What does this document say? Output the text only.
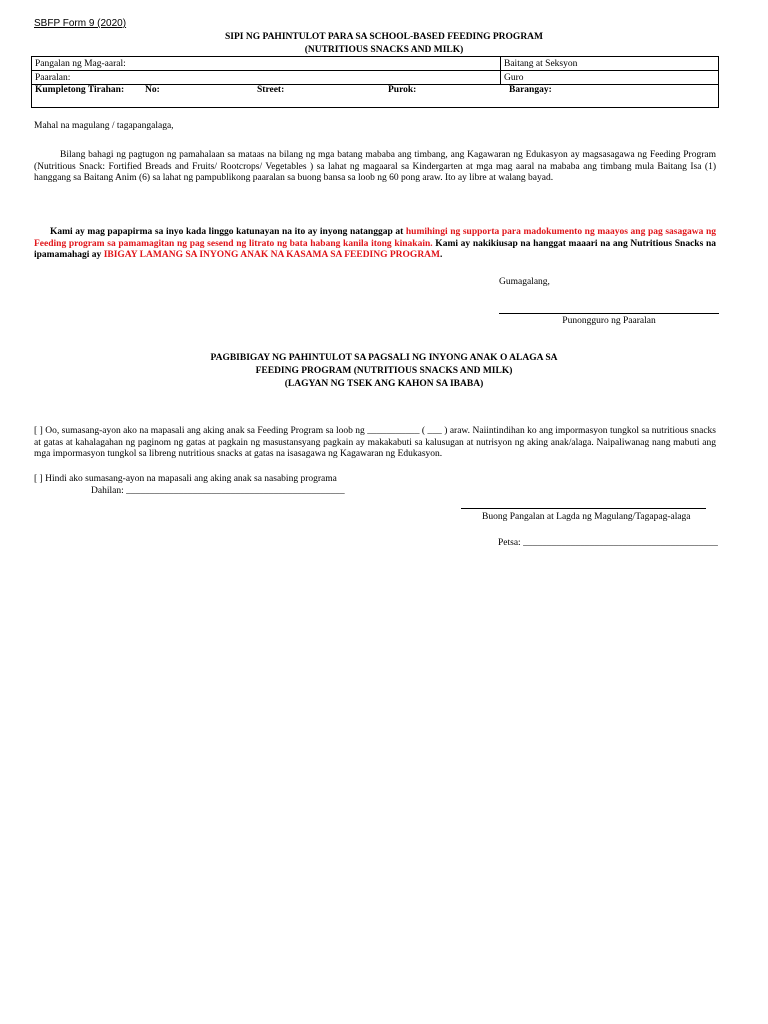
SBFP Form 9 (2020)
SIPI NG PAHINTULOT PARA SA SCHOOL-BASED FEEDING PROGRAM
(NUTRITIOUS SNACKS AND MILK)
Pangalan ng Mag-aaral:	Baitang at Seksyon
Paaralan:	Guro

Kumpletong Tirahan: No: Street: Purok: Barangay:	
Mahal na magulang / tagapangalaga,
Bilang bahagi ng pagtugon ng pamahalaan sa mataas na bilang ng mga batang mababa ang timbang, ang Kagawaran ng Edukasyon ay magsasagawa ng Feeding Program (Nutritious Snack: Fortified Breads and Fruits/ Rootcrops/ Vegetables ) sa lahat ng magaaral sa Kindergarten at mga mag aaral na mababa ang timbang mula Baitang Isa (1) hanggang sa Baitang Anim (6) sa lahat ng pampublikong paaralan sa buong bansa sa loob ng 60 pong araw. Ito ay libre at walang bayad.
Kami ay mag papapirma sa inyo kada linggo katunayan na ito ay inyong natanggap at humihingi ng supporta para madokumento ng maayos ang pag sasagawa ng Feeding program sa pamamagitan ng pag sesend ng litrato ng bata habang kanila itong kinakain. Kami ay nakikiusap na hanggat maaari na ang Nutritious Snacks na ipamamahagi ay IBIGAY LAMANG SA INYONG ANAK NA KASAMA SA FEEDING PROGRAM.
Gumagalang,
Punongguro ng Paaralan
PAGBIBIGAY NG PAHINTULOT SA PAGSALI NG INYONG ANAK O ALAGA SA
FEEDING PROGRAM (NUTRITIOUS SNACKS AND MILK)
(LAGYAN NG TSEK ANG KAHON SA IBABA)
[ ] Oo, sumasang-ayon ako na mapasali ang aking anak sa Feeding Program sa loob ng ___________ ( ___ ) araw. Naiintindihan ko ang impormasyon tungkol sa nutritious snacks at gatas at kahalagahan ng paginom ng gatas at pagkain ng masustansyang pagkain ay makakabuti sa kalusugan at nutrisyon ng aking anak/alaga. Naipaliwanag nang mabuti ang mga impormasyon tungkol sa libreng nutritious snacks at gatas na isasagawa ng Kagawaran ng Edukasyon.
[ ] Hindi ako sumasang-ayon na mapasali ang aking anak sa nasabing programa
Dahilan: ______________________________________________
Buong Pangalan at Lagda ng Magulang/Tagapag-alaga
Petsa: _________________________________________
